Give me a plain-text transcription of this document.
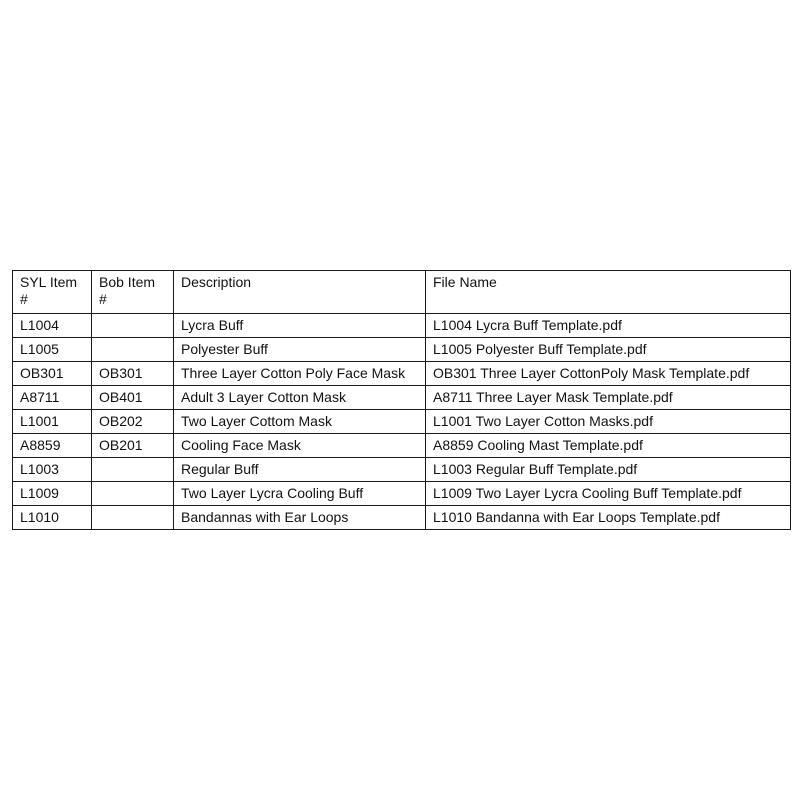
SYL Item #	Bob Item #	Description	File Name
L1004		Lycra Buff	L1004 Lycra Buff Template.pdf
L1005		Polyester Buff	L1005 Polyester Buff Template.pdf
OB301	OB301	Three Layer Cotton Poly Face Mask	OB301 Three Layer CottonPoly Mask Template.pdf
A8711	OB401	Adult 3 Layer Cotton Mask	A8711 Three Layer Mask Template.pdf
L1001	OB202	Two Layer Cottom Mask	L1001 Two Layer Cotton Masks.pdf
A8859	OB201	Cooling Face Mask	A8859 Cooling Mast Template.pdf
L1003		Regular Buff	L1003 Regular Buff Template.pdf
L1009		Two Layer Lycra Cooling Buff	L1009 Two Layer Lycra Cooling Buff Template.pdf
L1010		Bandannas with Ear Loops	L1010 Bandanna with Ear Loops Template.pdf
